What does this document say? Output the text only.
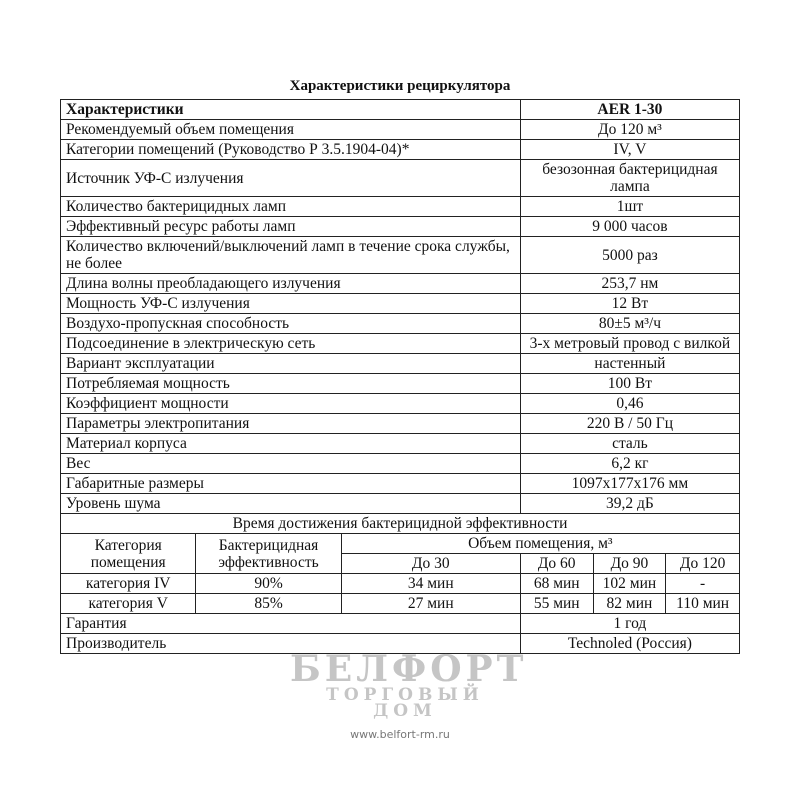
Характеристики рециркулятора
Характеристики			AER 1-30		
Рекомендуемый объем помещения			До 120 м³		
Категории помещений (Руководство Р 3.5.1904-04)*			IV, V		
Источник УФ-С излучения			безозонная бактерицидная лампа		
Количество бактерицидных ламп			1шт		
Эффективный ресурс работы ламп			9 000 часов		
Количество включений/выключений ламп в течение срока службы, не более			5000 раз		
Длина волны преобладающего излучения			253,7 нм		
Мощность УФ-С излучения			12 Вт		
Воздухо-пропускная способность			80±5 м³/ч		
Подсоединение в электрическую сеть			3-х метровый провод с вилкой		
Вариант эксплуатации			настенный		
Потребляемая мощность			100 Вт		
Коэффициент мощности			0,46		
Параметры электропитания			220 В / 50 Гц		
Материал корпуса			сталь		
Вес			6,2 кг		
Габаритные размеры			1097x177x176 мм		
Уровень шума			39,2 дБ		
Время достижения бактерицидной эффективности					
Категория помещения	Бактерицидная эффективность	Объем помещения, м³			
		До 30	До 60	До 90	До 120
категория IV	90%	34 мин	68 мин	102 мин	-
категория V	85%	27 мин	55 мин	82 мин	110 мин
Гарантия			1 год		
Производитель			Technoled (Россия)		
БЕЛФОРТ
ТОРГОВЫЙ ДОМ
www.belfort-rm.ru
